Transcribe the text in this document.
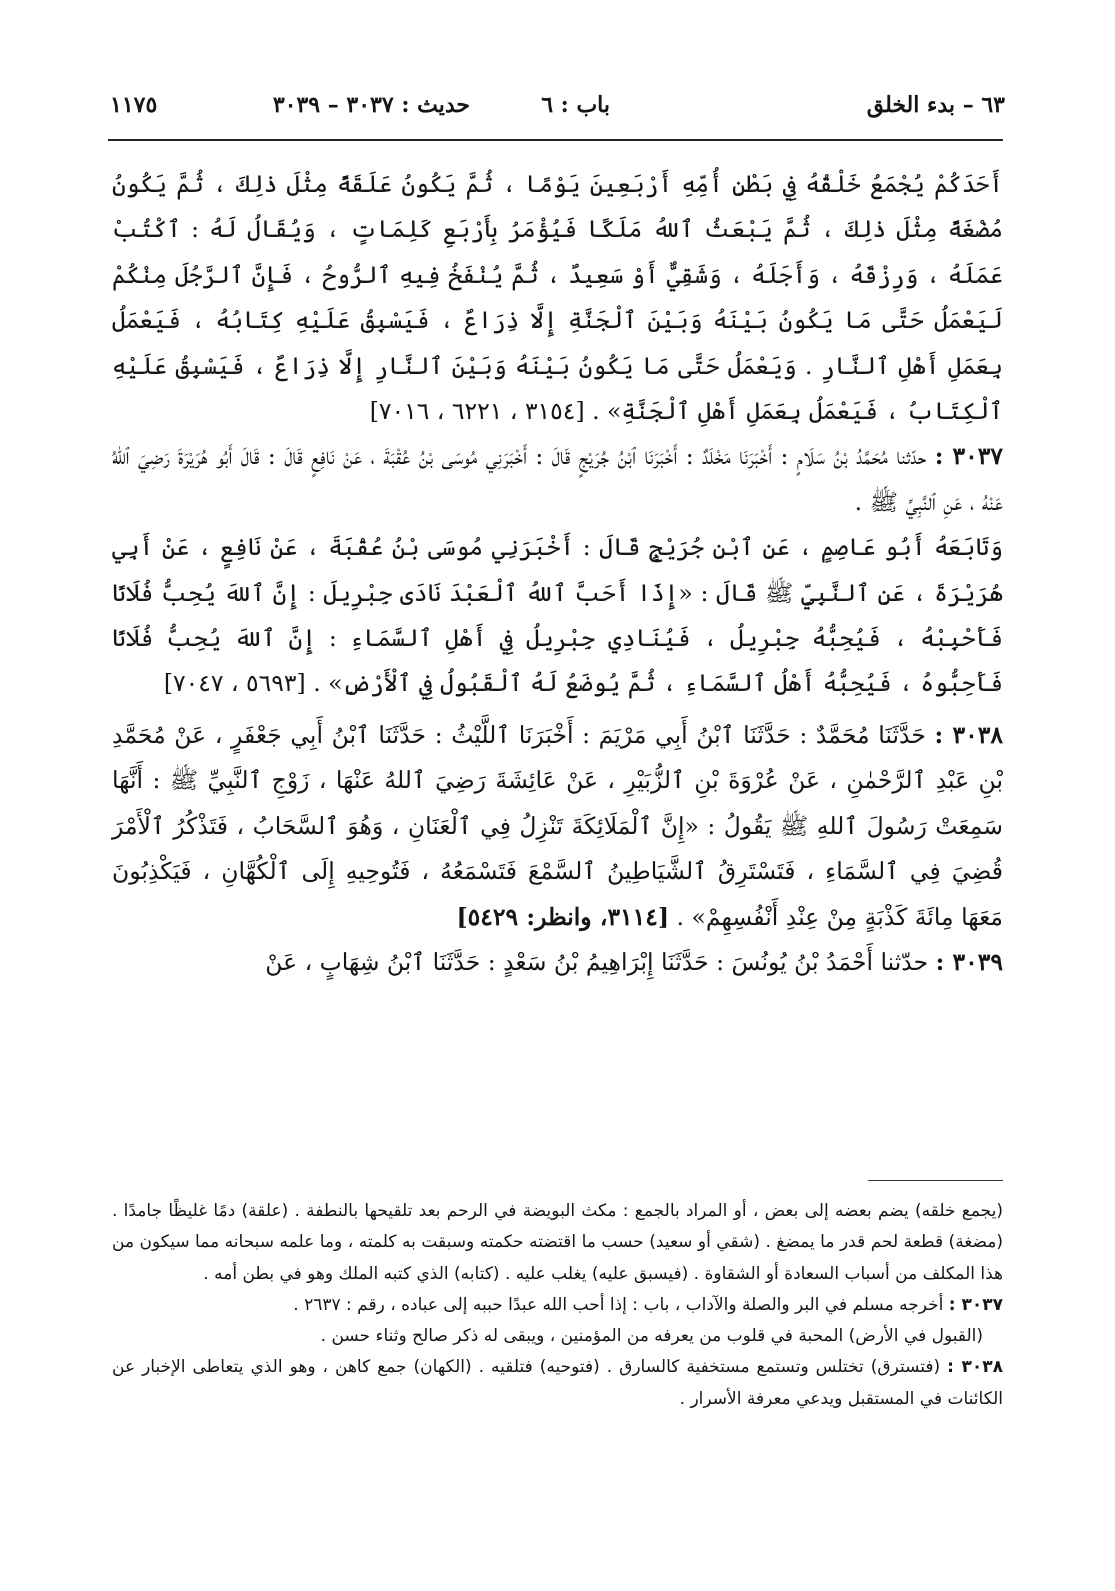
٦٣ – بدء الخلق
باب : ٦
حديث : ٣٠٣٧ – ٣٠٣٩
١١٧٥

أَحَدَكُمْ يُجْمَعُ خَلْقُهُ فِي بَطْنِ أُمِّهِ أَرْبَعِينَ يَوْمًا ، ثُمَّ يَكُونُ عَلَقَةً مِثْلَ ذٰلِكَ ، ثُمَّ يَكُونُ مُضْغَةً مِثْلَ ذٰلِكَ ، ثُمَّ يَبْعَثُ ٱللهُ مَلَكًا فَيُؤْمَرُ بِأَرْبَعِ كَلِمَاتٍ ، وَيُقَالُ لَهُ : ٱكْتُبْ عَمَلَهُ ، وَرِزْقَهُ ، وَأَجَلَهُ ، وَشَقِيٌّ أَوْ سَعِيدٌ ، ثُمَّ يُنْفَخُ فِيهِ ٱلرُّوحُ ، فَإِنَّ ٱلرَّجُلَ مِنْكُمْ لَيَعْمَلُ حَتَّى مَا يَكُونُ بَيْنَهُ وَبَيْنَ ٱلْجَنَّةِ إِلَّا ذِرَاعٌ ، فَيَسْبِقُ عَلَيْهِ كِتَابُهُ ، فَيَعْمَلُ بِعَمَلِ أَهْلِ ٱلنَّارِ . وَيَعْمَلُ حَتَّى مَا يَكُونُ بَيْنَهُ وَبَيْنَ ٱلنَّارِ إِلَّا ذِرَاعٌ ، فَيَسْبِقُ عَلَيْهِ ٱلْكِتَابُ ، فَيَعْمَلُ بِعَمَلِ أَهْلِ ٱلْجَنَّةِ» . [٣١٥٤ ، ٦٢٢١ ، ٧٠١٦]

٣٠٣٧ : حدّثنا مُحَمَّدُ بْنُ سَلَامٍ : أَخْبَرَنَا مَخْلَدٌ : أَخْبَرَنَا ٱبْنُ جُرَيْجٍ قَالَ : أَخْبَرَنِي مُوسَى بْنُ عُقْبَةَ ، عَنْ نَافِعٍ قَالَ : قَالَ أَبُو هُرَيْرَةَ رَضِيَ ٱللهُ عَنْهُ ، عَنِ ٱلنَّبِيِّ ﷺ .

وَتَابَعَهُ أَبُو عَاصِمٍ ، عَنِ ٱبْنِ جُرَيْجٍ قَالَ : أَخْبَرَنِي مُوسَى بْنُ عُقْبَةَ ، عَنْ نَافِعٍ ، عَنْ أَبِي هُرَيْرَةَ ، عَنِ ٱلنَّبِيِّ ﷺ قَالَ : «إِذَا أَحَبَّ ٱللهُ ٱلْعَبْدَ نَادَى جِبْرِيلَ : إِنَّ ٱللهَ يُحِبُّ فُلَانًا فَأَحْبِبْهُ ، فَيُحِبُّهُ جِبْرِيلُ ، فَيُنَادِي جِبْرِيلُ فِي أَهْلِ ٱلسَّمَاءِ : إِنَّ ٱللهَ يُحِبُّ فُلَانًا فَأَحِبُّوهُ ، فَيُحِبُّهُ أَهْلُ ٱلسَّمَاءِ ، ثُمَّ يُوضَعُ لَهُ ٱلْقَبُولُ فِي ٱلْأَرْضِ» . [٥٦٩٣ ، ٧٠٤٧]

٣٠٣٨ : حَدَّثَنَا مُحَمَّدٌ : حَدَّثَنَا ٱبْنُ أَبِي مَرْيَمَ : أَخْبَرَنَا ٱللَّيْثُ : حَدَّثَنَا ٱبْنُ أَبِي جَعْفَرٍ ، عَنْ مُحَمَّدِ بْنِ عَبْدِ ٱلرَّحْمٰنِ ، عَنْ عُرْوَةَ بْنِ ٱلزُّبَيْرِ ، عَنْ عَائِشَةَ رَضِيَ ٱللهُ عَنْهَا ، زَوْجِ ٱلنَّبِيِّ ﷺ : أَنَّهَا سَمِعَتْ رَسُولَ ٱللهِ ﷺ يَقُولُ : «إِنَّ ٱلْمَلَائِكَةَ تَنْزِلُ فِي ٱلْعَنَانِ ، وَهُوَ ٱلسَّحَابُ ، فَتَذْكُرُ ٱلْأَمْرَ قُضِيَ فِي ٱلسَّمَاءِ ، فَتَسْتَرِقُ ٱلشَّيَاطِينُ ٱلسَّمْعَ فَتَسْمَعُهُ ، فَتُوحِيهِ إِلَى ٱلْكُهَّانِ ، فَيَكْذِبُونَ مَعَهَا مِائَةَ كَذْبَةٍ مِنْ عِنْدِ أَنْفُسِهِمْ» . [٣١١٤، وانظر: ٥٤٢٩]

٣٠٣٩ : حدّثنا أَحْمَدُ بْنُ يُونُسَ : حَدَّثَنَا إِبْرَاهِيمُ بْنُ سَعْدٍ : حَدَّثَنَا ٱبْنُ شِهَابٍ ، عَنْ

(يجمع خلقه) يضم بعضه إلى بعض ، أو المراد بالجمع : مكث البويضة في الرحم بعد تلقيحها بالنطفة . (علقة) دمًا غليظًا جامدًا . (مضغة) قطعة لحم قدر ما يمضغ . (شقي أو سعيد) حسب ما اقتضته حكمته وسبقت به كلمته ، وما علمه سبحانه مما سيكون من هذا المكلف من أسباب السعادة أو الشقاوة . (فيسبق عليه) يغلب عليه . (كتابه) الذي كتبه الملك وهو في بطن أمه .

٣٠٣٧ : أخرجه مسلم في البر والصلة والآداب ، باب : إذا أحب الله عبدًا حببه إلى عباده ، رقم : ٢٦٣٧ .

(القبول في الأرض) المحبة في قلوب من يعرفه من المؤمنين ، ويبقى له ذكر صالح وثناء حسن .

٣٠٣٨ : (فتسترق) تختلس وتستمع مستخفية كالسارق . (فتوحيه) فتلقيه . (الكهان) جمع كاهن ، وهو الذي يتعاطى الإخبار عن الكائنات في المستقبل ويدعي معرفة الأسرار .
